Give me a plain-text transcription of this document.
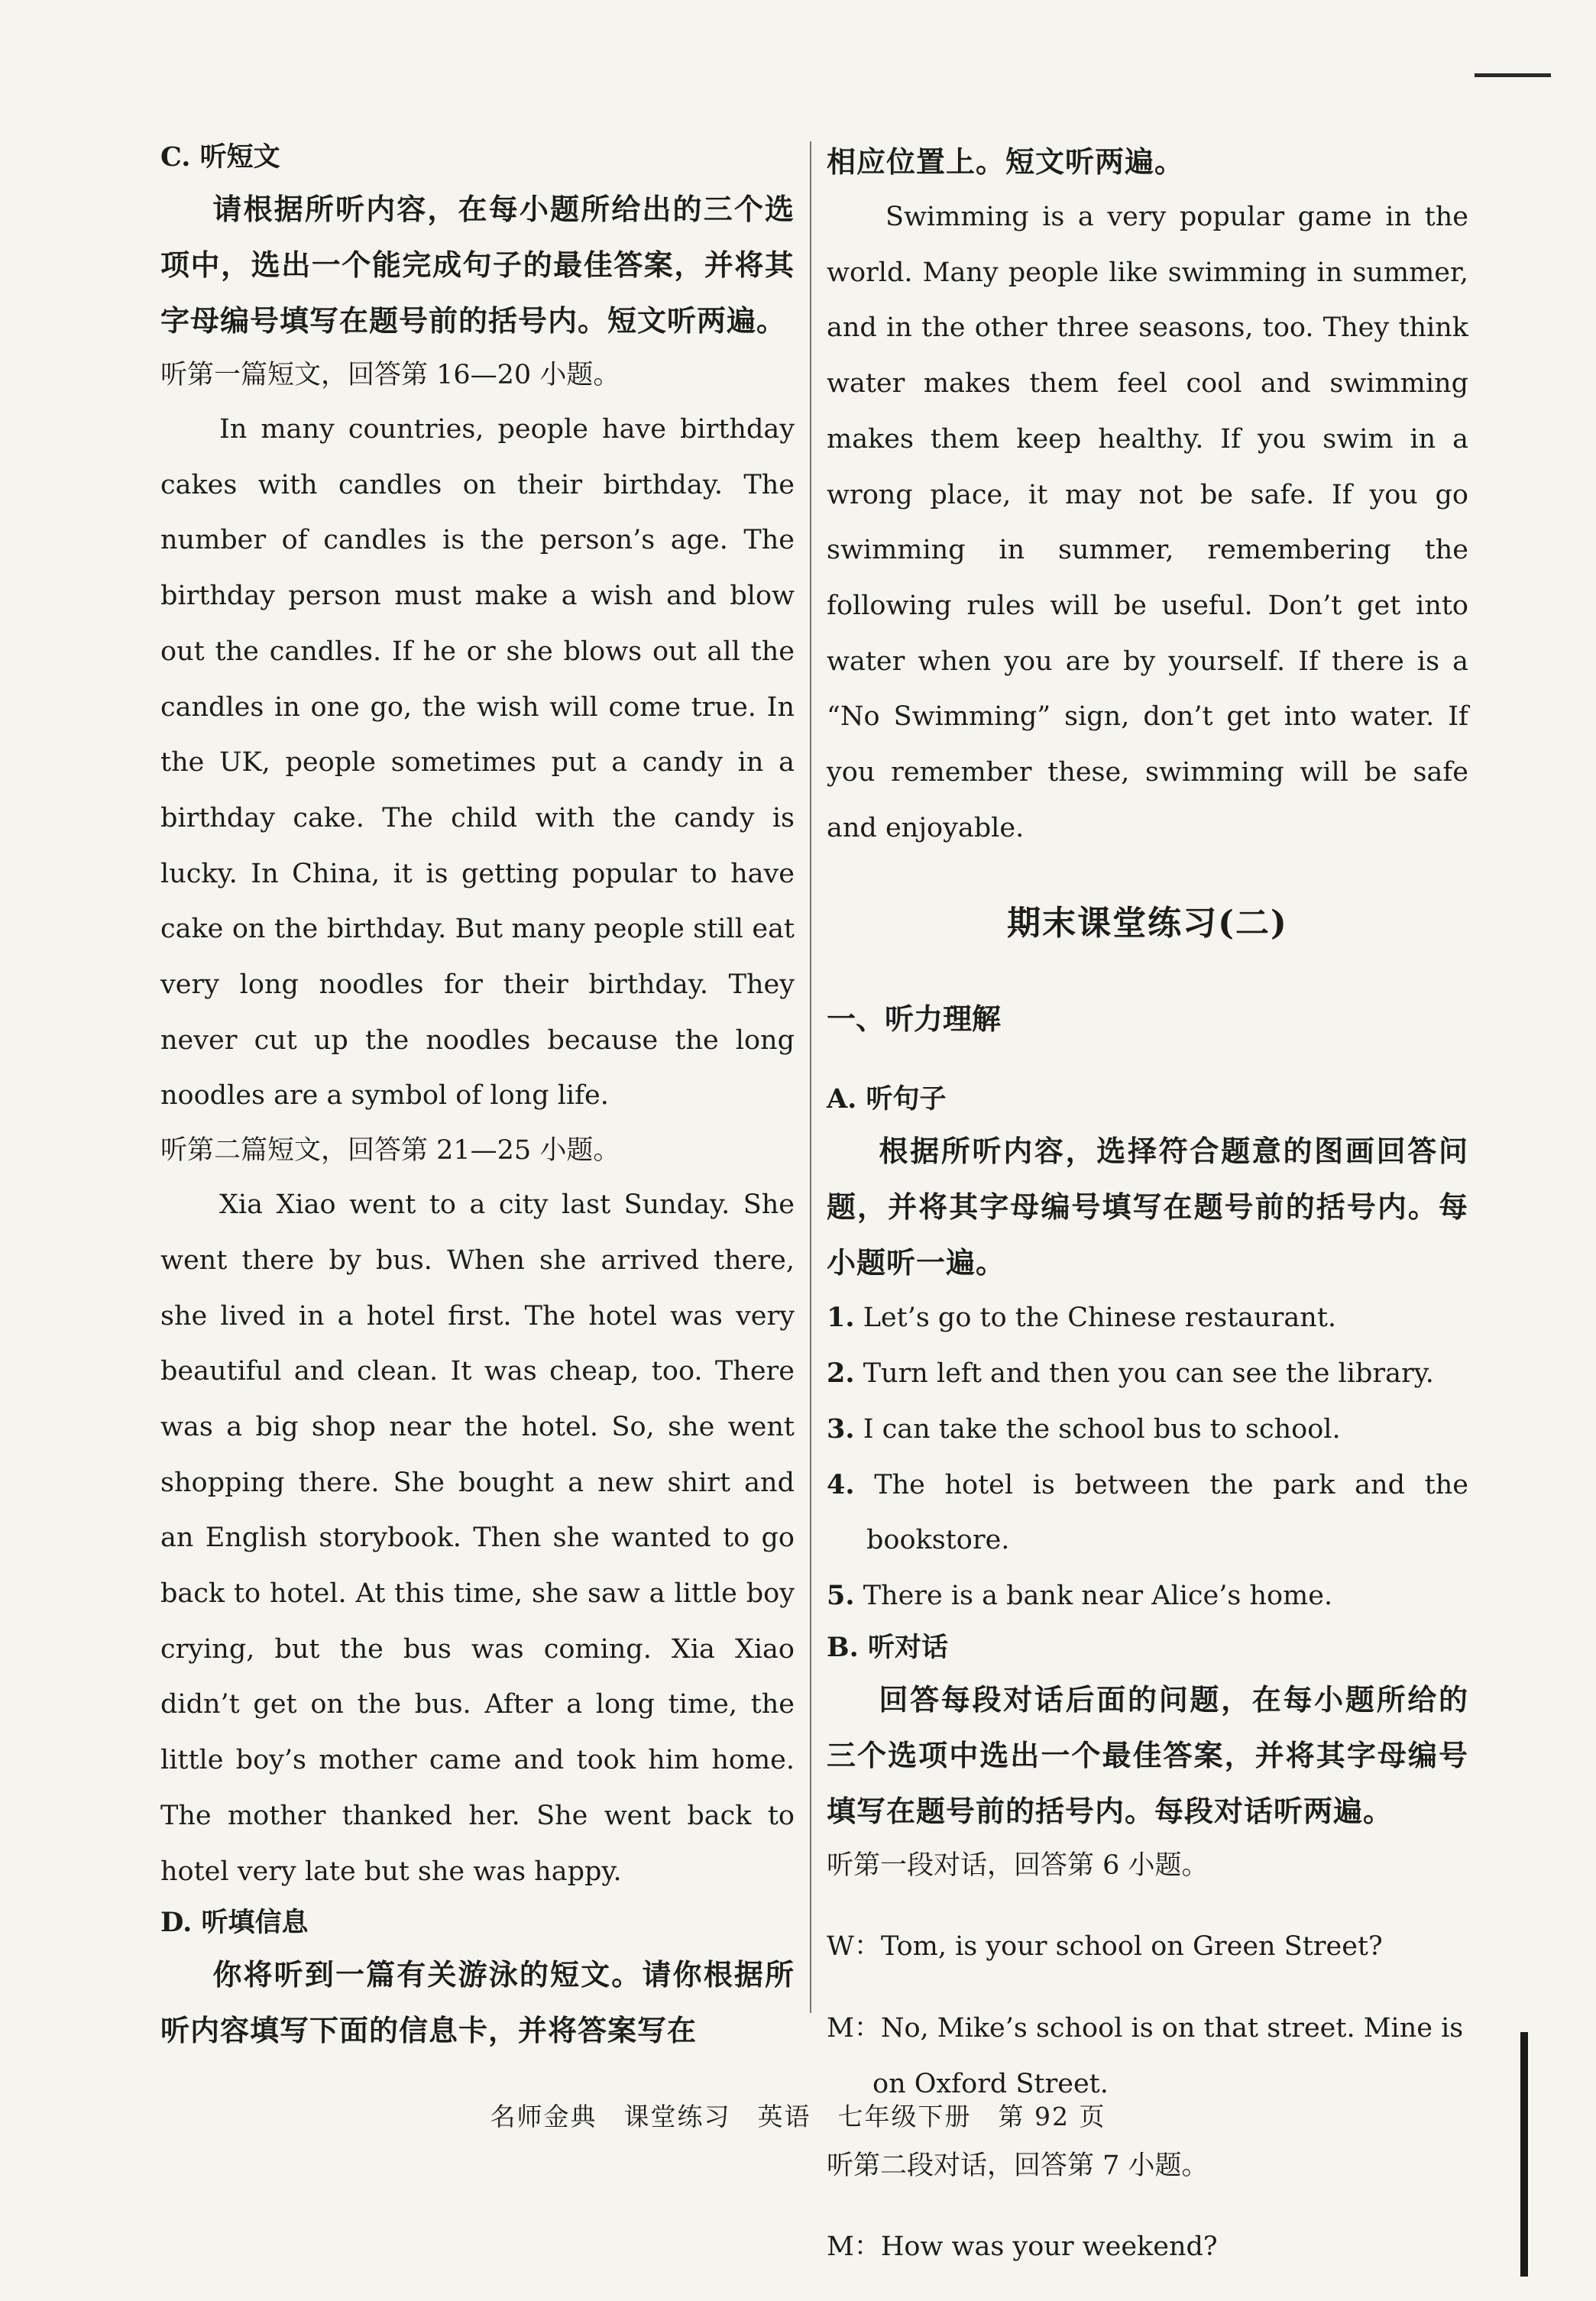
C. 听短文

请根据所听内容，在每小题所给出的三个选项中，选出一个能完成句子的最佳答案，并将其字母编号填写在题号前的括号内。短文听两遍。

听第一篇短文，回答第 16—20 小题。

In many countries, people have birthday cakes with candles on their birthday. The number of candles is the person’s age. The birthday person must make a wish and blow out the candles. If he or she blows out all the candles in one go, the wish will come true. In the UK, people sometimes put a candy in a birthday cake. The child with the candy is lucky. In China, it is getting popular to have cake on the birthday. But many people still eat very long noodles for their birthday. They never cut up the noodles because the long noodles are a symbol of long life.

听第二篇短文，回答第 21—25 小题。

Xia Xiao went to a city last Sunday. She went there by bus. When she arrived there, she lived in a hotel first. The hotel was very beautiful and clean. It was cheap, too. There was a big shop near the hotel. So, she went shopping there. She bought a new shirt and an English storybook. Then she wanted to go back to hotel. At this time, she saw a little boy crying, but the bus was coming. Xia Xiao didn’t get on the bus. After a long time, the little boy’s mother came and took him home. The mother thanked her. She went back to hotel very late but she was happy.

D. 听填信息

你将听到一篇有关游泳的短文。请你根据所听内容填写下面的信息卡，并将答案写在

相应位置上。短文听两遍。

Swimming is a very popular game in the world. Many people like swimming in summer, and in the other three seasons, too. They think water makes them feel cool and swimming makes them keep healthy. If you swim in a wrong place, it may not be safe. If you go swimming in summer, remembering the following rules will be useful. Don’t get into water when you are by yourself. If there is a “No Swimming” sign, don’t get into water. If you remember these, swimming will be safe and enjoyable.

期末课堂练习(二)

一、听力理解

A. 听句子

根据所听内容，选择符合题意的图画回答问题，并将其字母编号填写在题号前的括号内。每小题听一遍。

1. Let’s go to the Chinese restaurant.
2. Turn left and then you can see the library.
3. I can take the school bus to school.
4. The hotel is between the park and the bookstore.
5. There is a bank near Alice’s home.

B. 听对话

回答每段对话后面的问题，在每小题所给的三个选项中选出一个最佳答案，并将其字母编号填写在题号前的括号内。每段对话听两遍。

听第一段对话，回答第 6 小题。

W：Tom, is your school on Green Street?

M：No, Mike’s school is on that street. Mine is on Oxford Street.

听第二段对话，回答第 7 小题。

M：How was your weekend?

名师金典　课堂练习　英语　七年级下册　第 92 页
